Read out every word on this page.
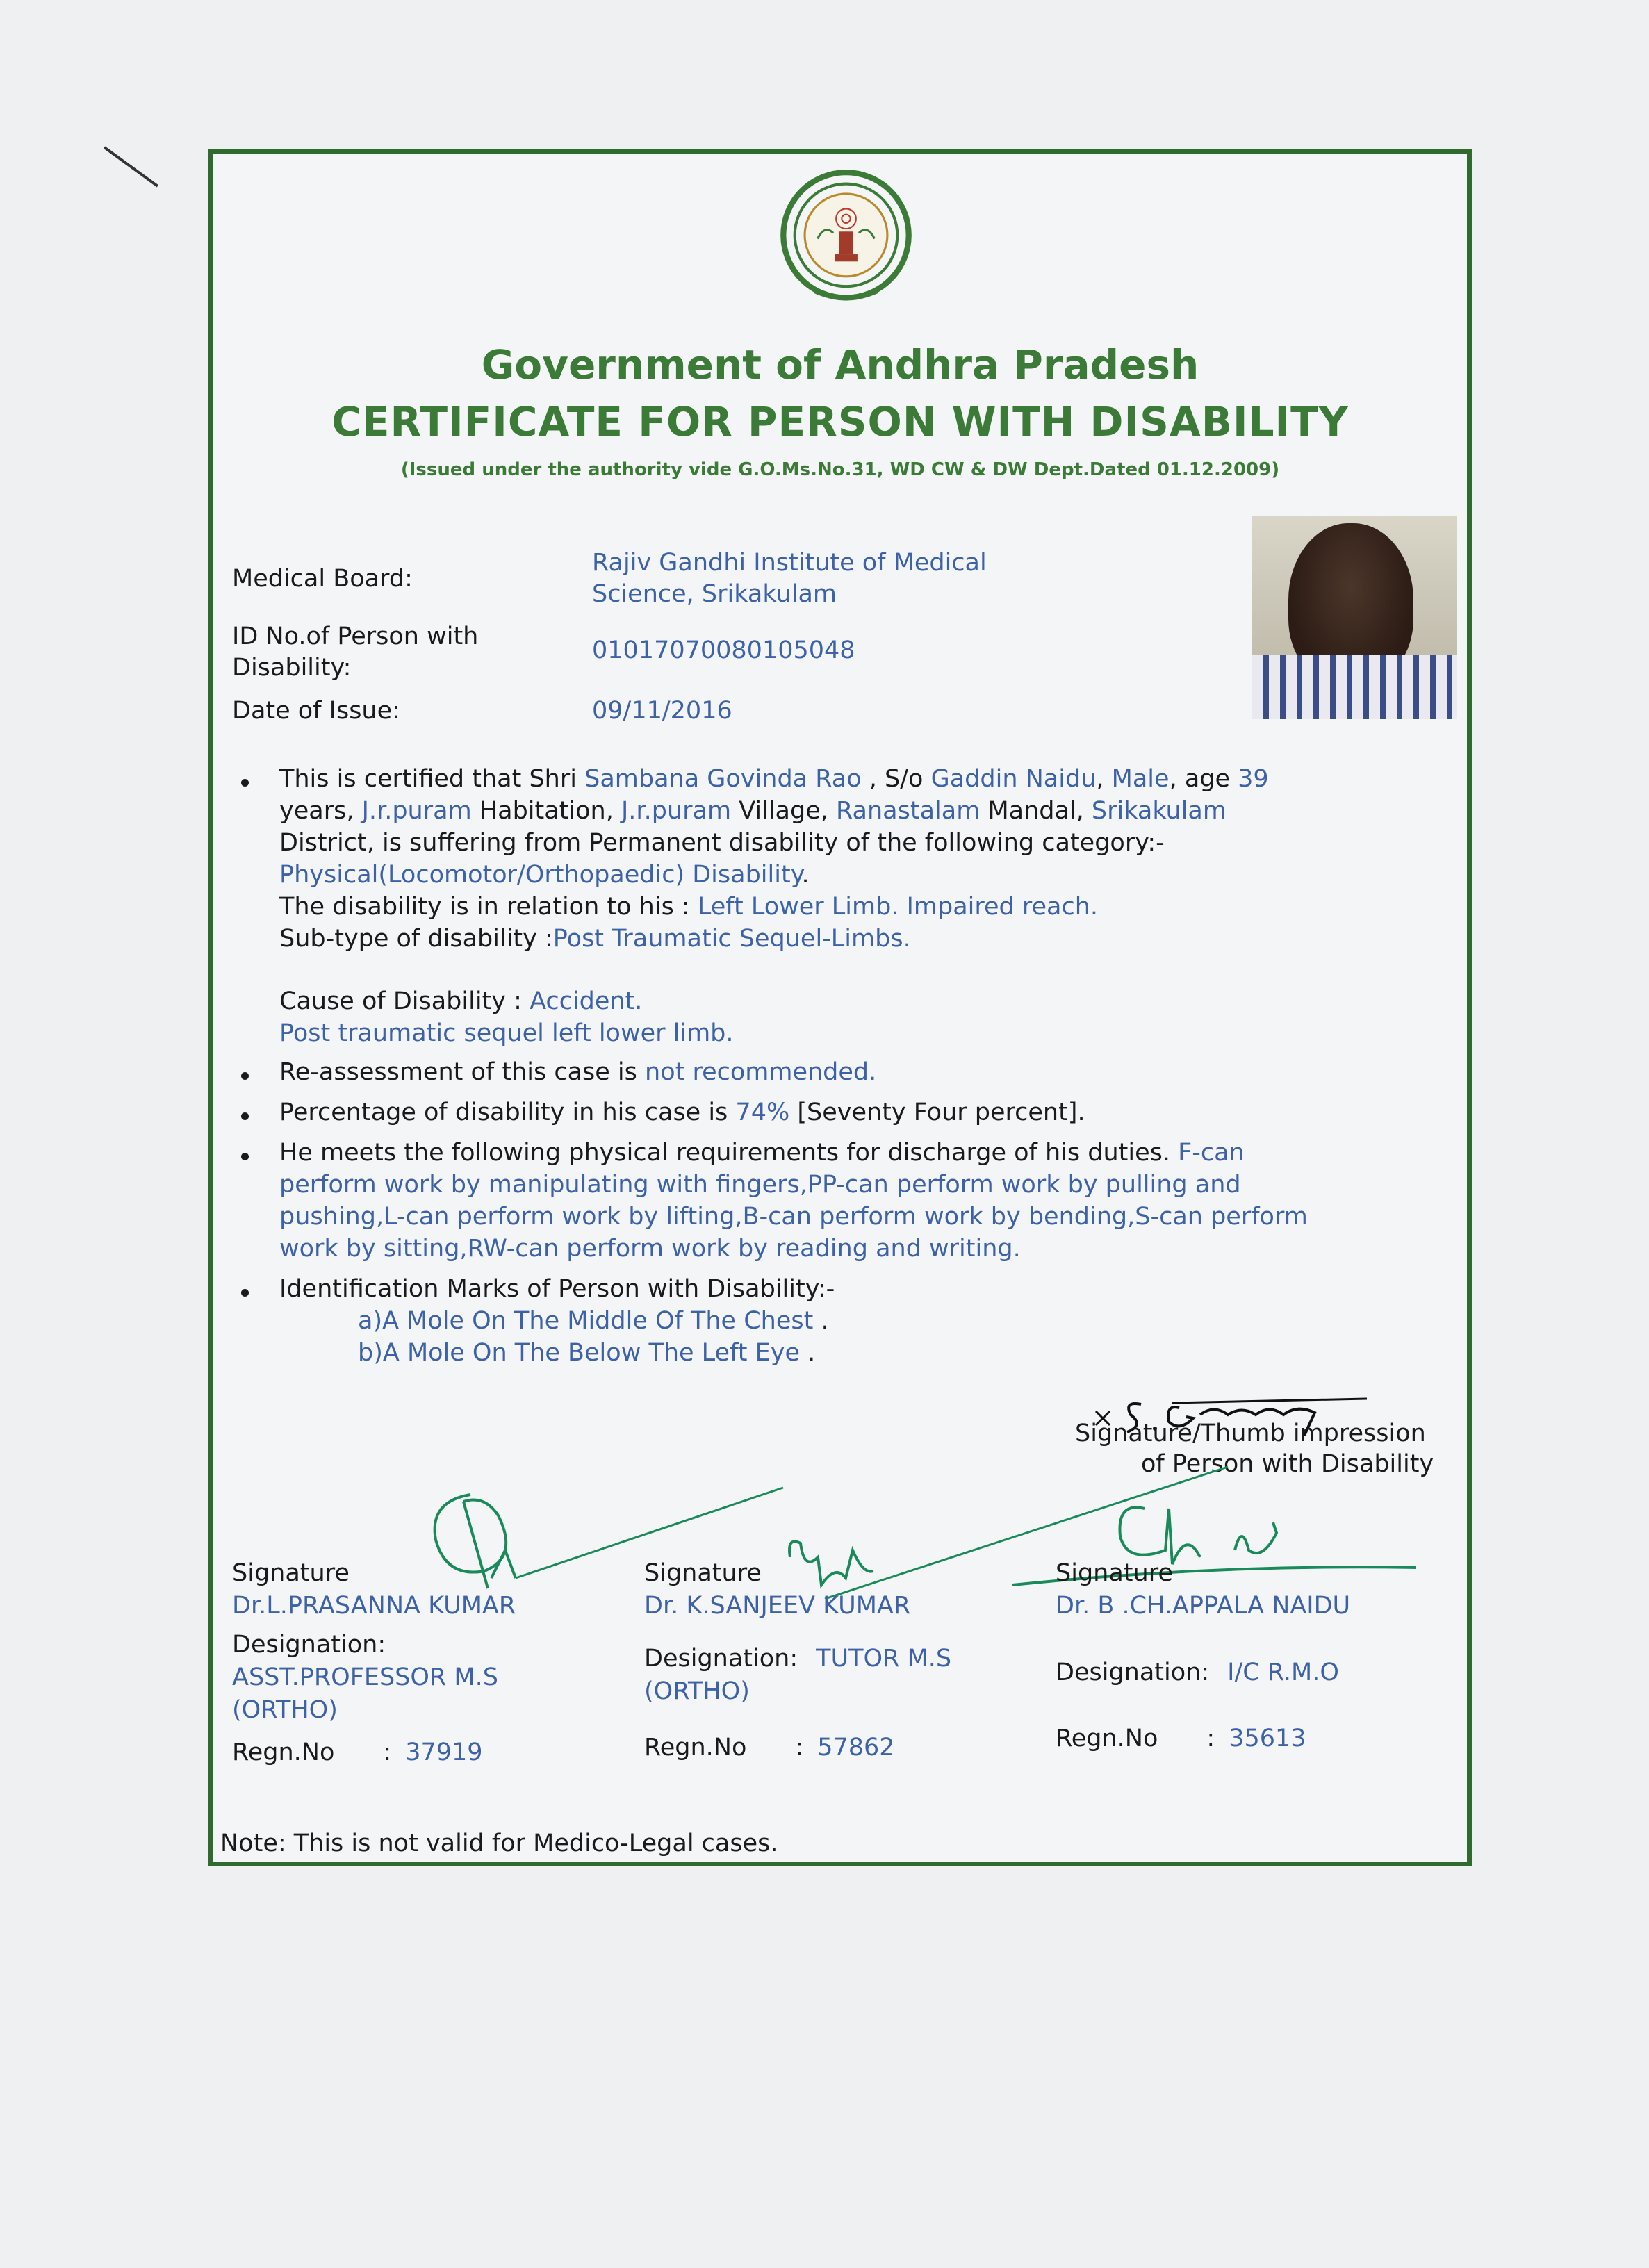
Government of Andhra Pradesh
CERTIFICATE FOR PERSON WITH DISABILITY
(Issued under the authority vide G.O.Ms.No.31, WD CW & DW Dept.Dated 01.12.2009)
Medical Board:
Rajiv Gandhi Institute of Medical
Science, Srikakulam
ID No.of Person with
Disability:
01017070080105048
Date of Issue:	09/11/2016
This is certified that Shri Sambana Govinda Rao , S/o Gaddin Naidu, Male, age 39
years, J.r.puram Habitation, J.r.puram Village, Ranastalam Mandal, Srikakulam
District, is suffering from Permanent disability of the following category:-
Physical(Locomotor/Orthopaedic) Disability.
The disability is in relation to his : Left Lower Limb. Impaired reach.
Sub-type of disability :Post Traumatic Sequel-Limbs.
Cause of Disability : Accident.
Post traumatic sequel left lower limb.
Re-assessment of this case is not recommended.
Percentage of disability in his case is 74% [Seventy Four percent].
He meets the following physical requirements for discharge of his duties. F-can
perform work by manipulating with fingers,PP-can perform work by pulling and
pushing,L-can perform work by lifting,B-can perform work by bending,S-can perform
work by sitting,RW-can perform work by reading and writing.
Identification Marks of Person with Disability:-
a)A Mole On The Middle Of The Chest .
b)A Mole On The Below The Left Eye .
Signature/Thumb impression
of Person with Disability
Signature
Dr.L.PRASANNA KUMAR
Designation:
ASST.PROFESSOR M.S
(ORTHO)
Regn.No : 37919
Signature
Dr. K.SANJEEV KUMAR
Designation: TUTOR M.S
(ORTHO)
Regn.No : 57862
Signature
Dr. B .CH.APPALA NAIDU
Designation: I/C R.M.O
Regn.No : 35613
Note: This is not valid for Medico-Legal cases.
